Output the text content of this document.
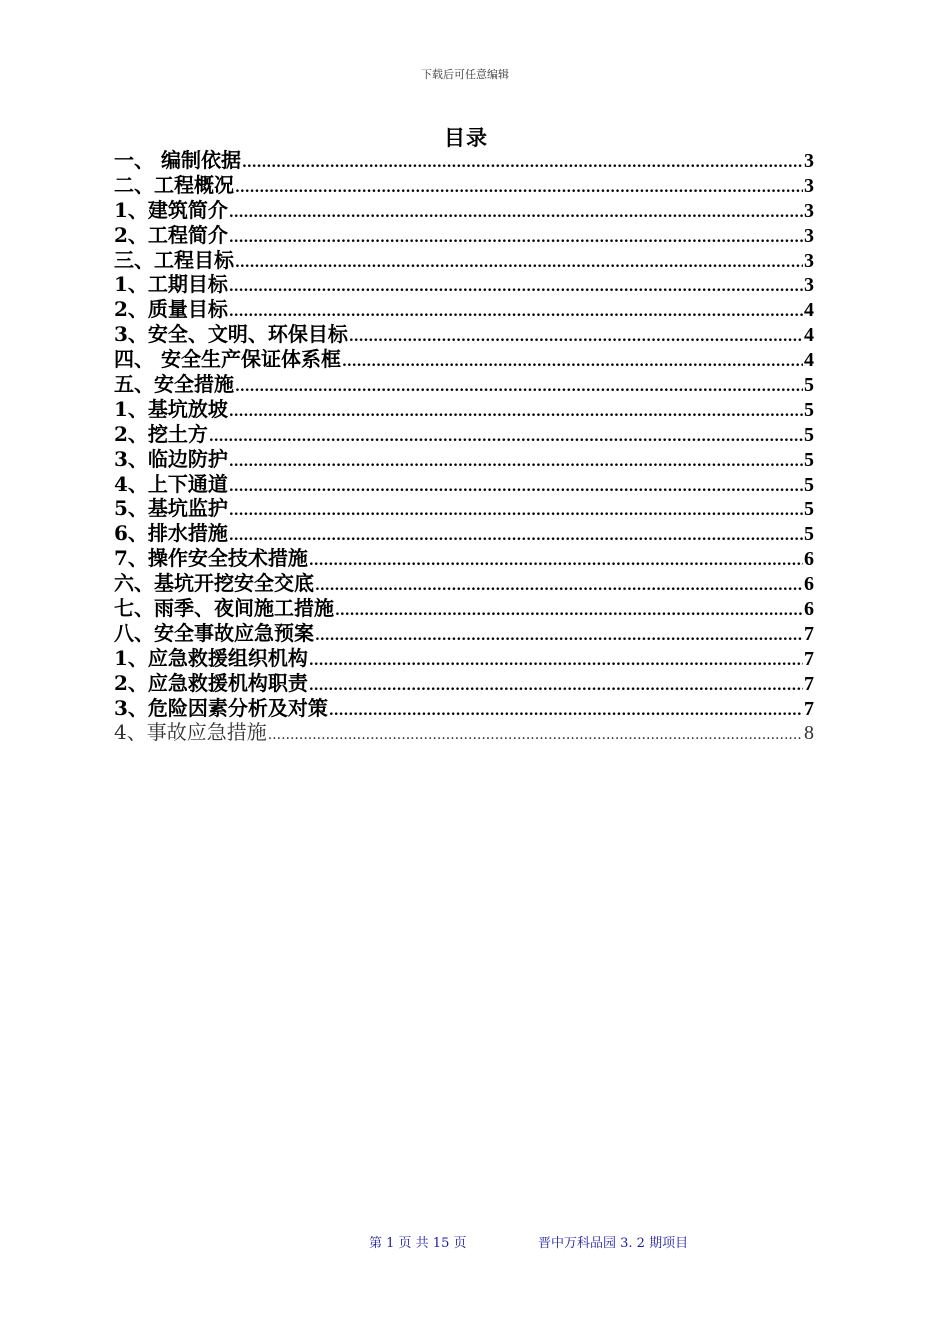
下载后可任意编辑
目录
一、 编制依据 .....	3
二、工程概况 .....	3
1、建筑简介 .....	3
2、工程简介 .....	3
三、工程目标 .....	3
1、工期目标 .....	3
2、质量目标 .....	4
3、安全、文明、环保目标 .....	4
四、 安全生产保证体系框 .....	4
五、安全措施 .....	5
1、基坑放坡 .....	5
2、挖土方 .....	5
3、临边防护 .....	5
4、上下通道 .....	5
5、基坑监护 .....	5
6、排水措施 .....	5
7、操作安全技术措施 .....	6
六、基坑开挖安全交底 .....	6
七、雨季、夜间施工措施 .....	6
八、安全事故应急预案 .....	7
1、应急救援组织机构 .....	7
2、应急救援机构职责 .....	7
3、危险因素分析及对策 .....	7
4、事故应急措施 .....	8
第 1 页 共 15 页	晋中万科品园 3. 2 期项目
